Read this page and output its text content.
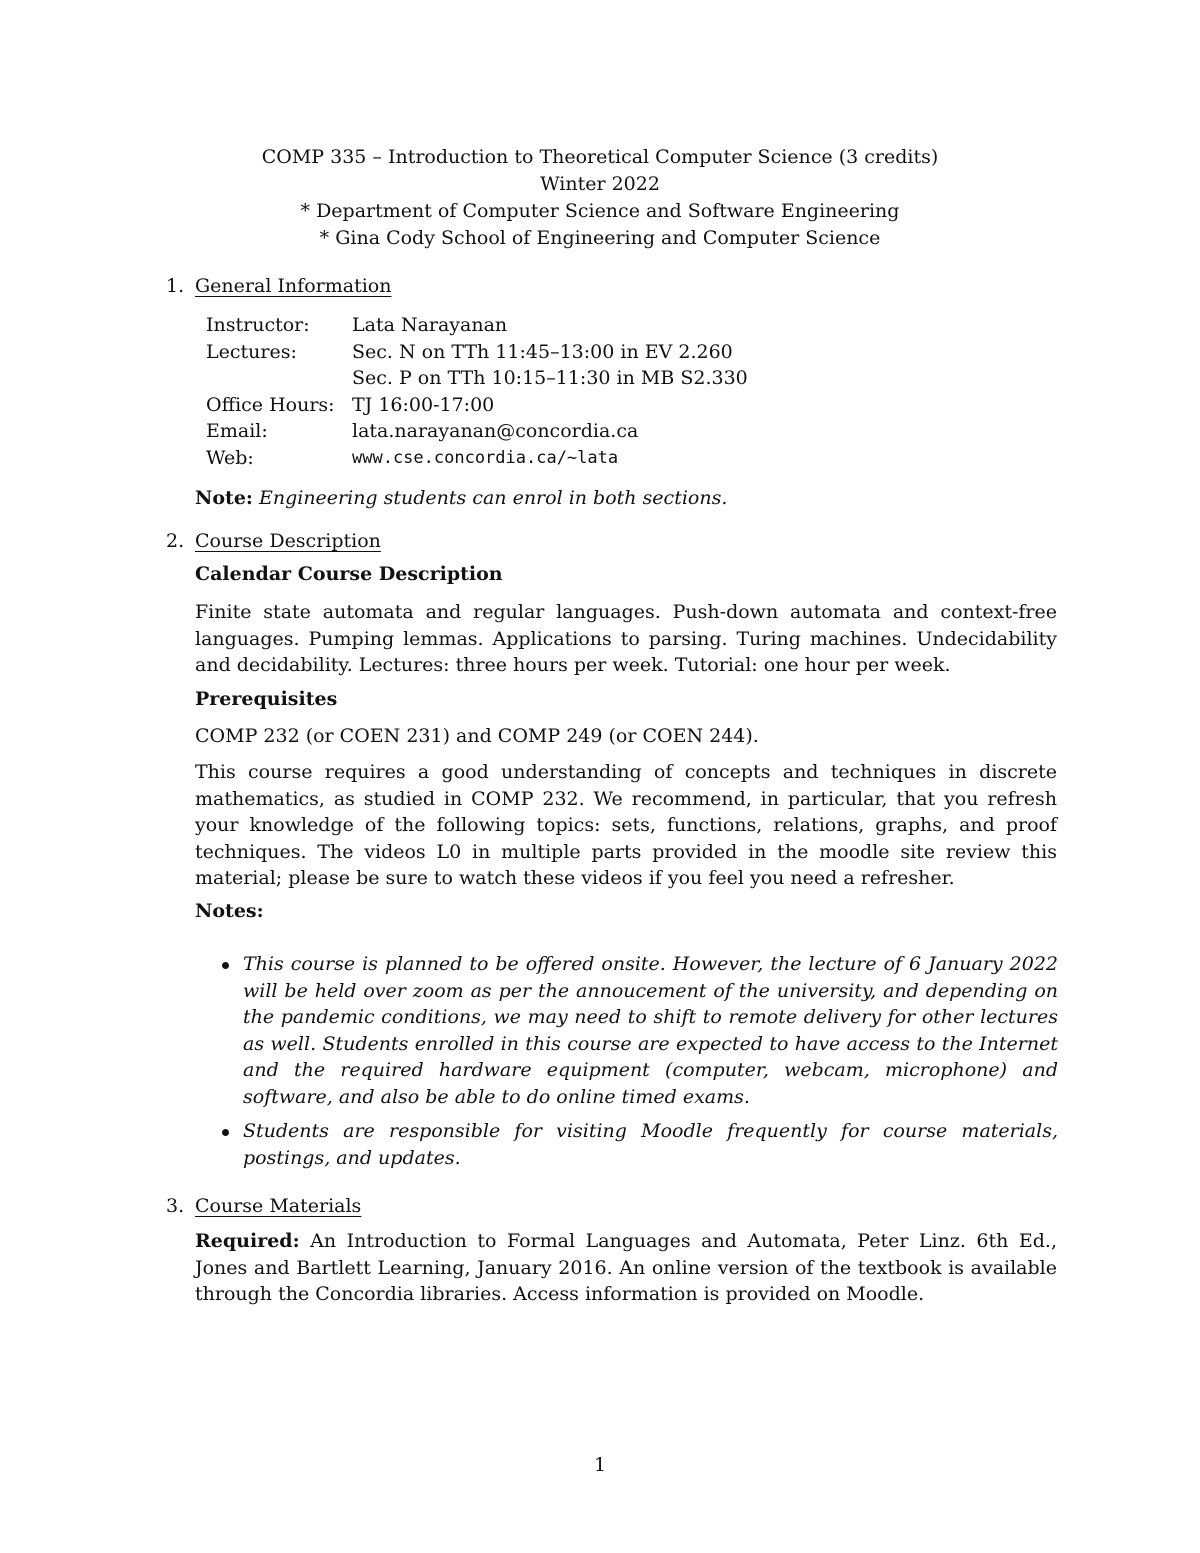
COMP 335 – Introduction to Theoretical Computer Science (3 credits)
Winter 2022
* Department of Computer Science and Software Engineering
* Gina Cody School of Engineering and Computer Science
1. General Information
Instructor:	Lata Narayanan
Lectures:	Sec. N on TTh 11:45–13:00 in EV 2.260
Sec. P on TTh 10:15–11:30 in MB S2.330
Office Hours: TJ 16:00-17:00
Email:	lata.narayanan@concordia.ca
Web:	www.cse.concordia.ca/~lata
Note: Engineering students can enrol in both sections.
2. Course Description
Calendar Course Description
Finite state automata and regular languages. Push-down automata and context-free languages. Pumping lemmas. Applications to parsing. Turing machines. Undecidability and decidability. Lectures: three hours per week. Tutorial: one hour per week.
Prerequisites
COMP 232 (or COEN 231) and COMP 249 (or COEN 244).
This course requires a good understanding of concepts and techniques in discrete mathematics, as studied in COMP 232. We recommend, in particular, that you refresh your knowledge of the following topics: sets, functions, relations, graphs, and proof techniques. The videos L0 in multiple parts provided in the moodle site review this material; please be sure to watch these videos if you feel you need a refresher.
Notes:
This course is planned to be offered onsite. However, the lecture of 6 January 2022 will be held over zoom as per the annoucement of the university, and depending on the pandemic conditions, we may need to shift to remote delivery for other lectures as well. Students enrolled in this course are expected to have access to the Internet and the required hardware equipment (computer, webcam, microphone) and software, and also be able to do online timed exams.
Students are responsible for visiting Moodle frequently for course materials, postings, and updates.
3. Course Materials
Required: An Introduction to Formal Languages and Automata, Peter Linz. 6th Ed., Jones and Bartlett Learning, January 2016. An online version of the textbook is available through the Concordia libraries. Access information is provided on Moodle.
1
